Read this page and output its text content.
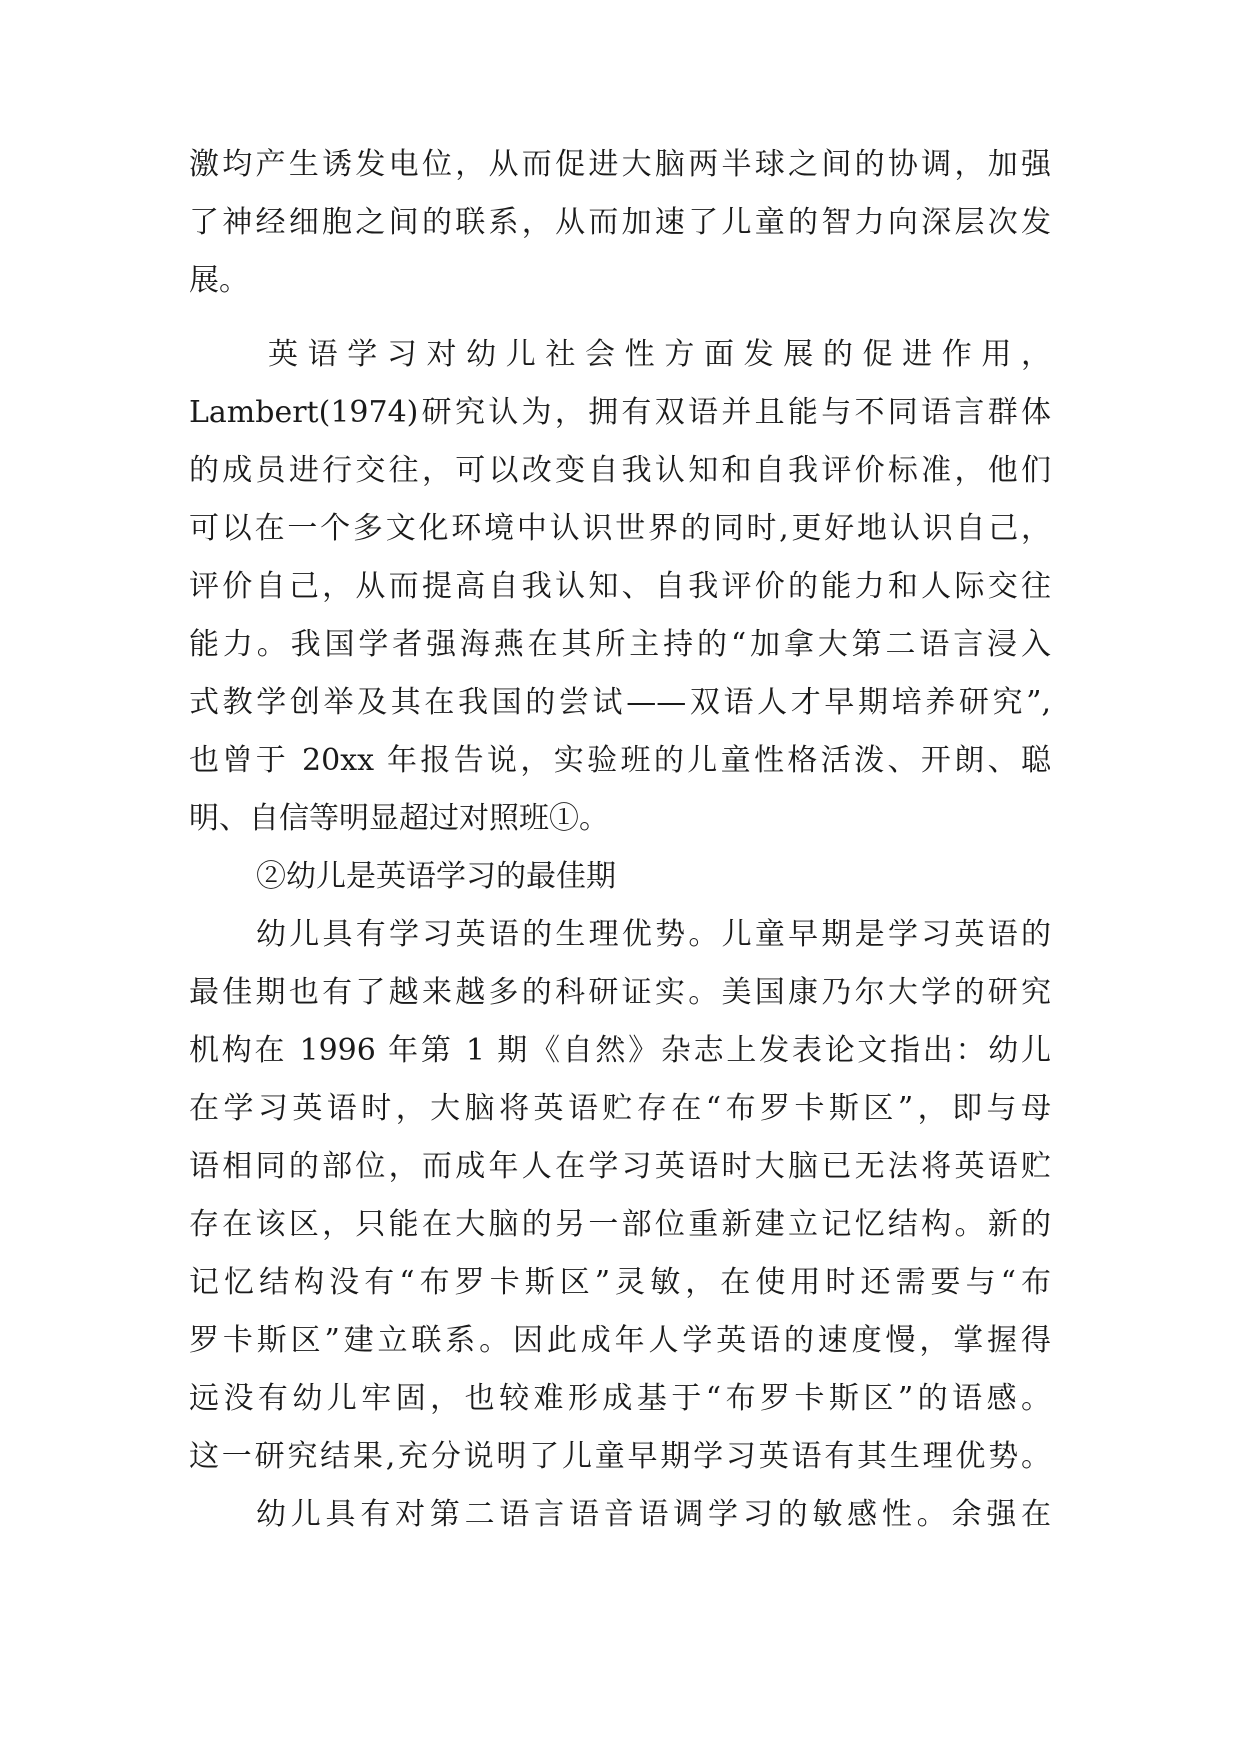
激均产生诱发电位，从而促进大脑两半球之间的协调，加强
了神经细胞之间的联系，从而加速了儿童的智力向深层次发
展。
英语学习对幼儿社会性方面发展的促进作用，
Lambert(1974)研究认为，拥有双语并且能与不同语言群体
的成员进行交往，可以改变自我认知和自我评价标准，他们
可以在一个多文化环境中认识世界的同时,更好地认识自己，
评价自己，从而提高自我认知、自我评价的能力和人际交往
能力。我国学者强海燕在其所主持的“加拿大第二语言浸入
式教学创举及其在我国的尝试——双语人才早期培养研究”,
也曾于 20xx 年报告说，实验班的儿童性格活泼、开朗、聪
明、自信等明显超过对照班①。
②幼儿是英语学习的最佳期
幼儿具有学习英语的生理优势。儿童早期是学习英语的
最佳期也有了越来越多的科研证实。美国康乃尔大学的研究
机构在 1996 年第 1 期《自然》杂志上发表论文指出：幼儿
在学习英语时，大脑将英语贮存在“布罗卡斯区”，即与母
语相同的部位，而成年人在学习英语时大脑已无法将英语贮
存在该区，只能在大脑的另一部位重新建立记忆结构。新的
记忆结构没有“布罗卡斯区”灵敏，在使用时还需要与“布
罗卡斯区”建立联系。因此成年人学英语的速度慢，掌握得
远没有幼儿牢固，也较难形成基于“布罗卡斯区”的语感。
这一研究结果,充分说明了儿童早期学习英语有其生理优势。
幼儿具有对第二语言语音语调学习的敏感性。余强在
